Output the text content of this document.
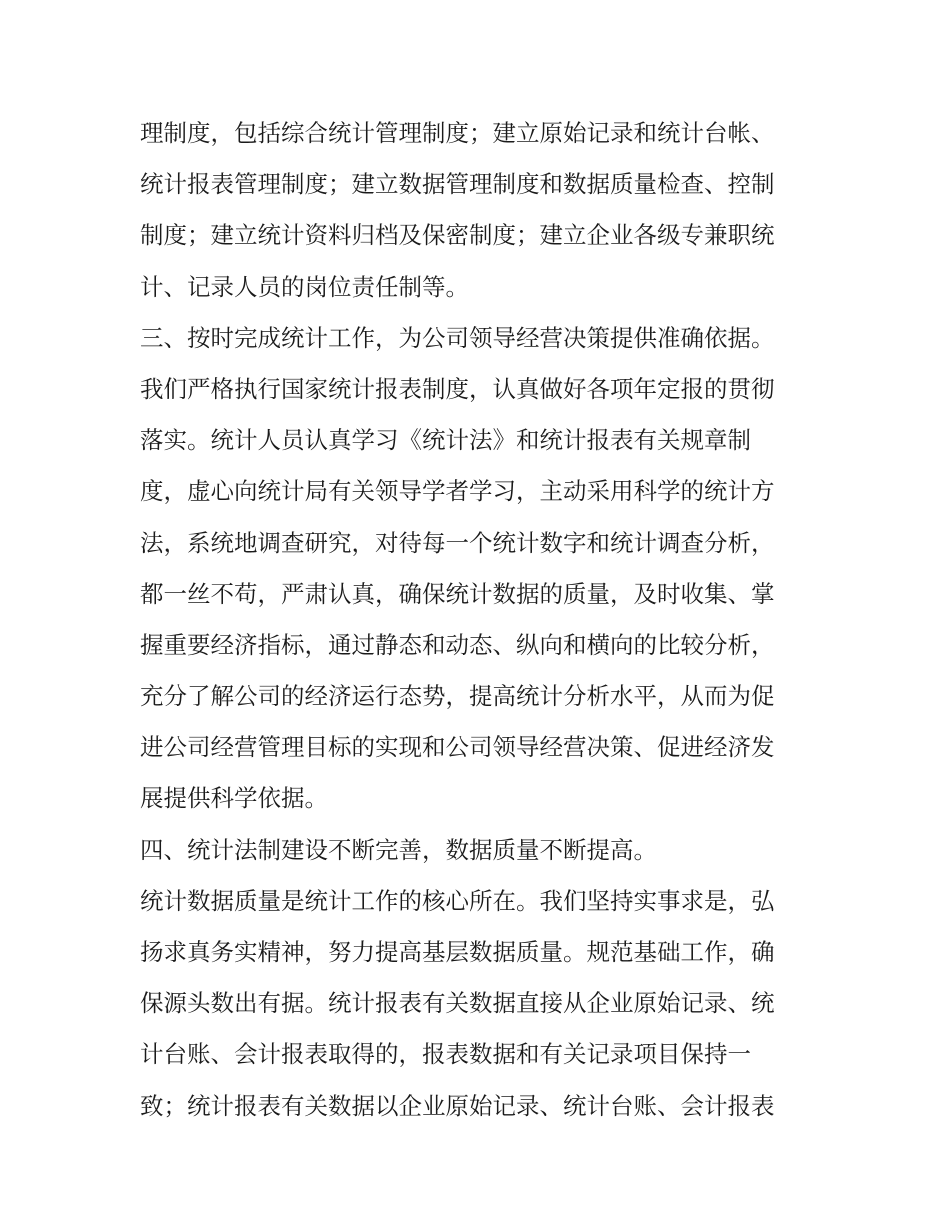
理制度，包括综合统计管理制度；建立原始记录和统计台帐、
统计报表管理制度；建立数据管理制度和数据质量检查、控制
制度；建立统计资料归档及保密制度；建立企业各级专兼职统
计、记录人员的岗位责任制等。
三、按时完成统计工作，为公司领导经营决策提供准确依据。
我们严格执行国家统计报表制度，认真做好各项年定报的贯彻
落实。统计人员认真学习《统计法》和统计报表有关规章制
度，虚心向统计局有关领导学者学习，主动采用科学的统计方
法，系统地调查研究，对待每一个统计数字和统计调查分析，
都一丝不苟，严肃认真，确保统计数据的质量，及时收集、掌
握重要经济指标，通过静态和动态、纵向和横向的比较分析，
充分了解公司的经济运行态势，提高统计分析水平，从而为促
进公司经营管理目标的实现和公司领导经营决策、促进经济发
展提供科学依据。
四、统计法制建设不断完善，数据质量不断提高。
统计数据质量是统计工作的核心所在。我们坚持实事求是，弘
扬求真务实精神，努力提高基层数据质量。规范基础工作，确
保源头数出有据。统计报表有关数据直接从企业原始记录、统
计台账、会计报表取得的，报表数据和有关记录项目保持一
致；统计报表有关数据以企业原始记录、统计台账、会计报表
